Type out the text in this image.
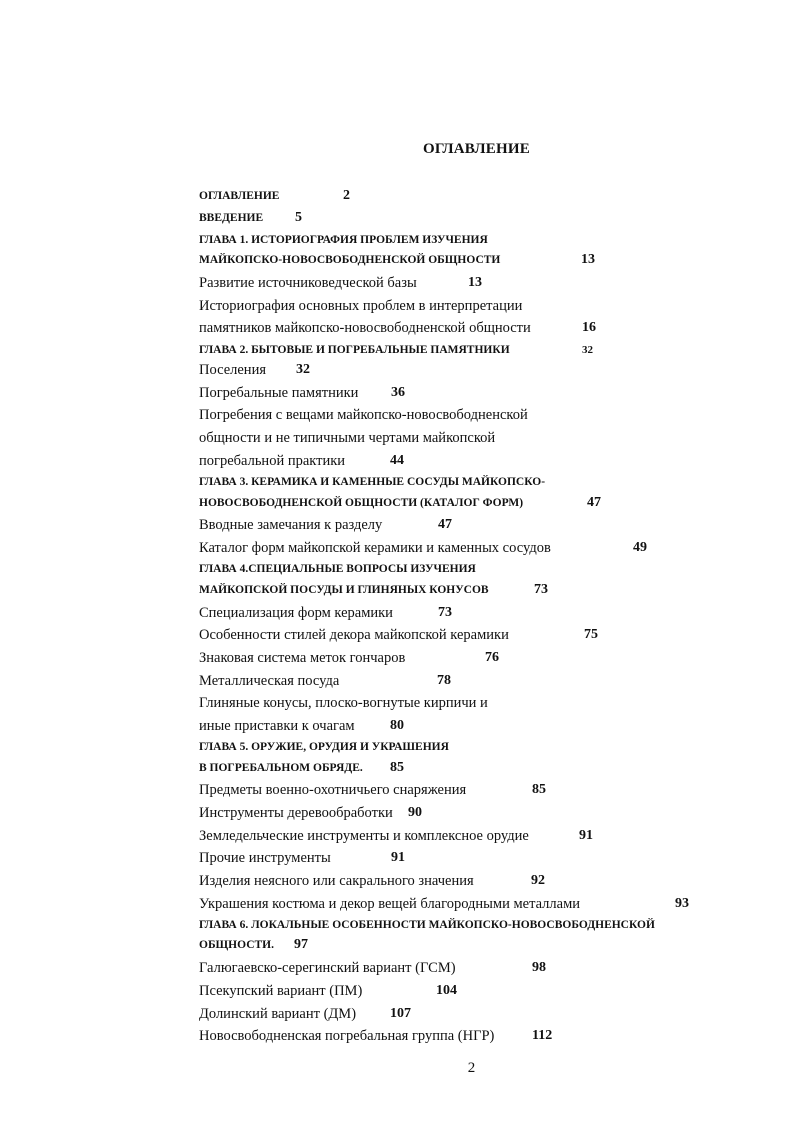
ОГЛАВЛЕНИЕ
ОГЛАВЛЕНИЕ	2
ВВЕДЕНИЕ 5
ГЛАВА 1. ИСТОРИОГРАФИЯ ПРОБЛЕМ ИЗУЧЕНИЯ
МАЙКОПСКО-НОВОСВОБОДНЕНСКОЙ ОБЩНОСТИ	13
Развитие источниковедческой базы	13
Историография основных проблем в интерпретации
памятников майкопско-новосвободненской общности	16
ГЛАВА 2. БЫТОВЫЕ И ПОГРЕБАЛЬНЫЕ ПАМЯТНИКИ	32
Поселения 32
Погребальные памятники 36
Погребения с вещами майкопско-новосвободненской
общности и не типичными чертами майкопской
погребальной практики	44
ГЛАВА 3. КЕРАМИКА И КАМЕННЫЕ СОСУДЫ МАЙКОПСКО-
НОВОСВОБОДНЕНСКОЙ ОБЩНОСТИ (КАТАЛОГ ФОРМ)	47
Вводные замечания к разделу	47
Каталог форм майкопской керамики и каменных сосудов	49
ГЛАВА 4.СПЕЦИАЛЬНЫЕ ВОПРОСЫ ИЗУЧЕНИЯ
МАЙКОПСКОЙ ПОСУДЫ И ГЛИНЯНЫХ КОНУСОВ	73
Специализация форм керамики	73
Особенности стилей декора майкопской керамики	75
Знаковая система меток гончаров	76
Металлическая посуда	78
Глиняные конусы, плоско-вогнутые кирпичи и
иные приставки к очагам	80
ГЛАВА 5. ОРУЖИЕ, ОРУДИЯ И УКРАШЕНИЯ
В ПОГРЕБАЛЬНОМ ОБРЯДЕ. 85
Предметы военно-охотничьего снаряжения	85
Инструменты деревообработки 90
Земледельческие инструменты и комплексное орудие	91
Прочие инструменты	91
Изделия неясного или сакрального значения	92
Украшения костюма и декор вещей благородными металлами	93
ГЛАВА 6. ЛОКАЛЬНЫЕ ОСОБЕННОСТИ МАЙКОПСКО-НОВОСВОБОДНЕНСКОЙ
ОБЩНОСТИ. 97
Галюгаевско-серегинский вариант (ГСМ)	98
Псекупский вариант (ПМ)	104
Долинский вариант (ДМ) 107
Новосвободненская погребальная группа (НГР)	112
2
